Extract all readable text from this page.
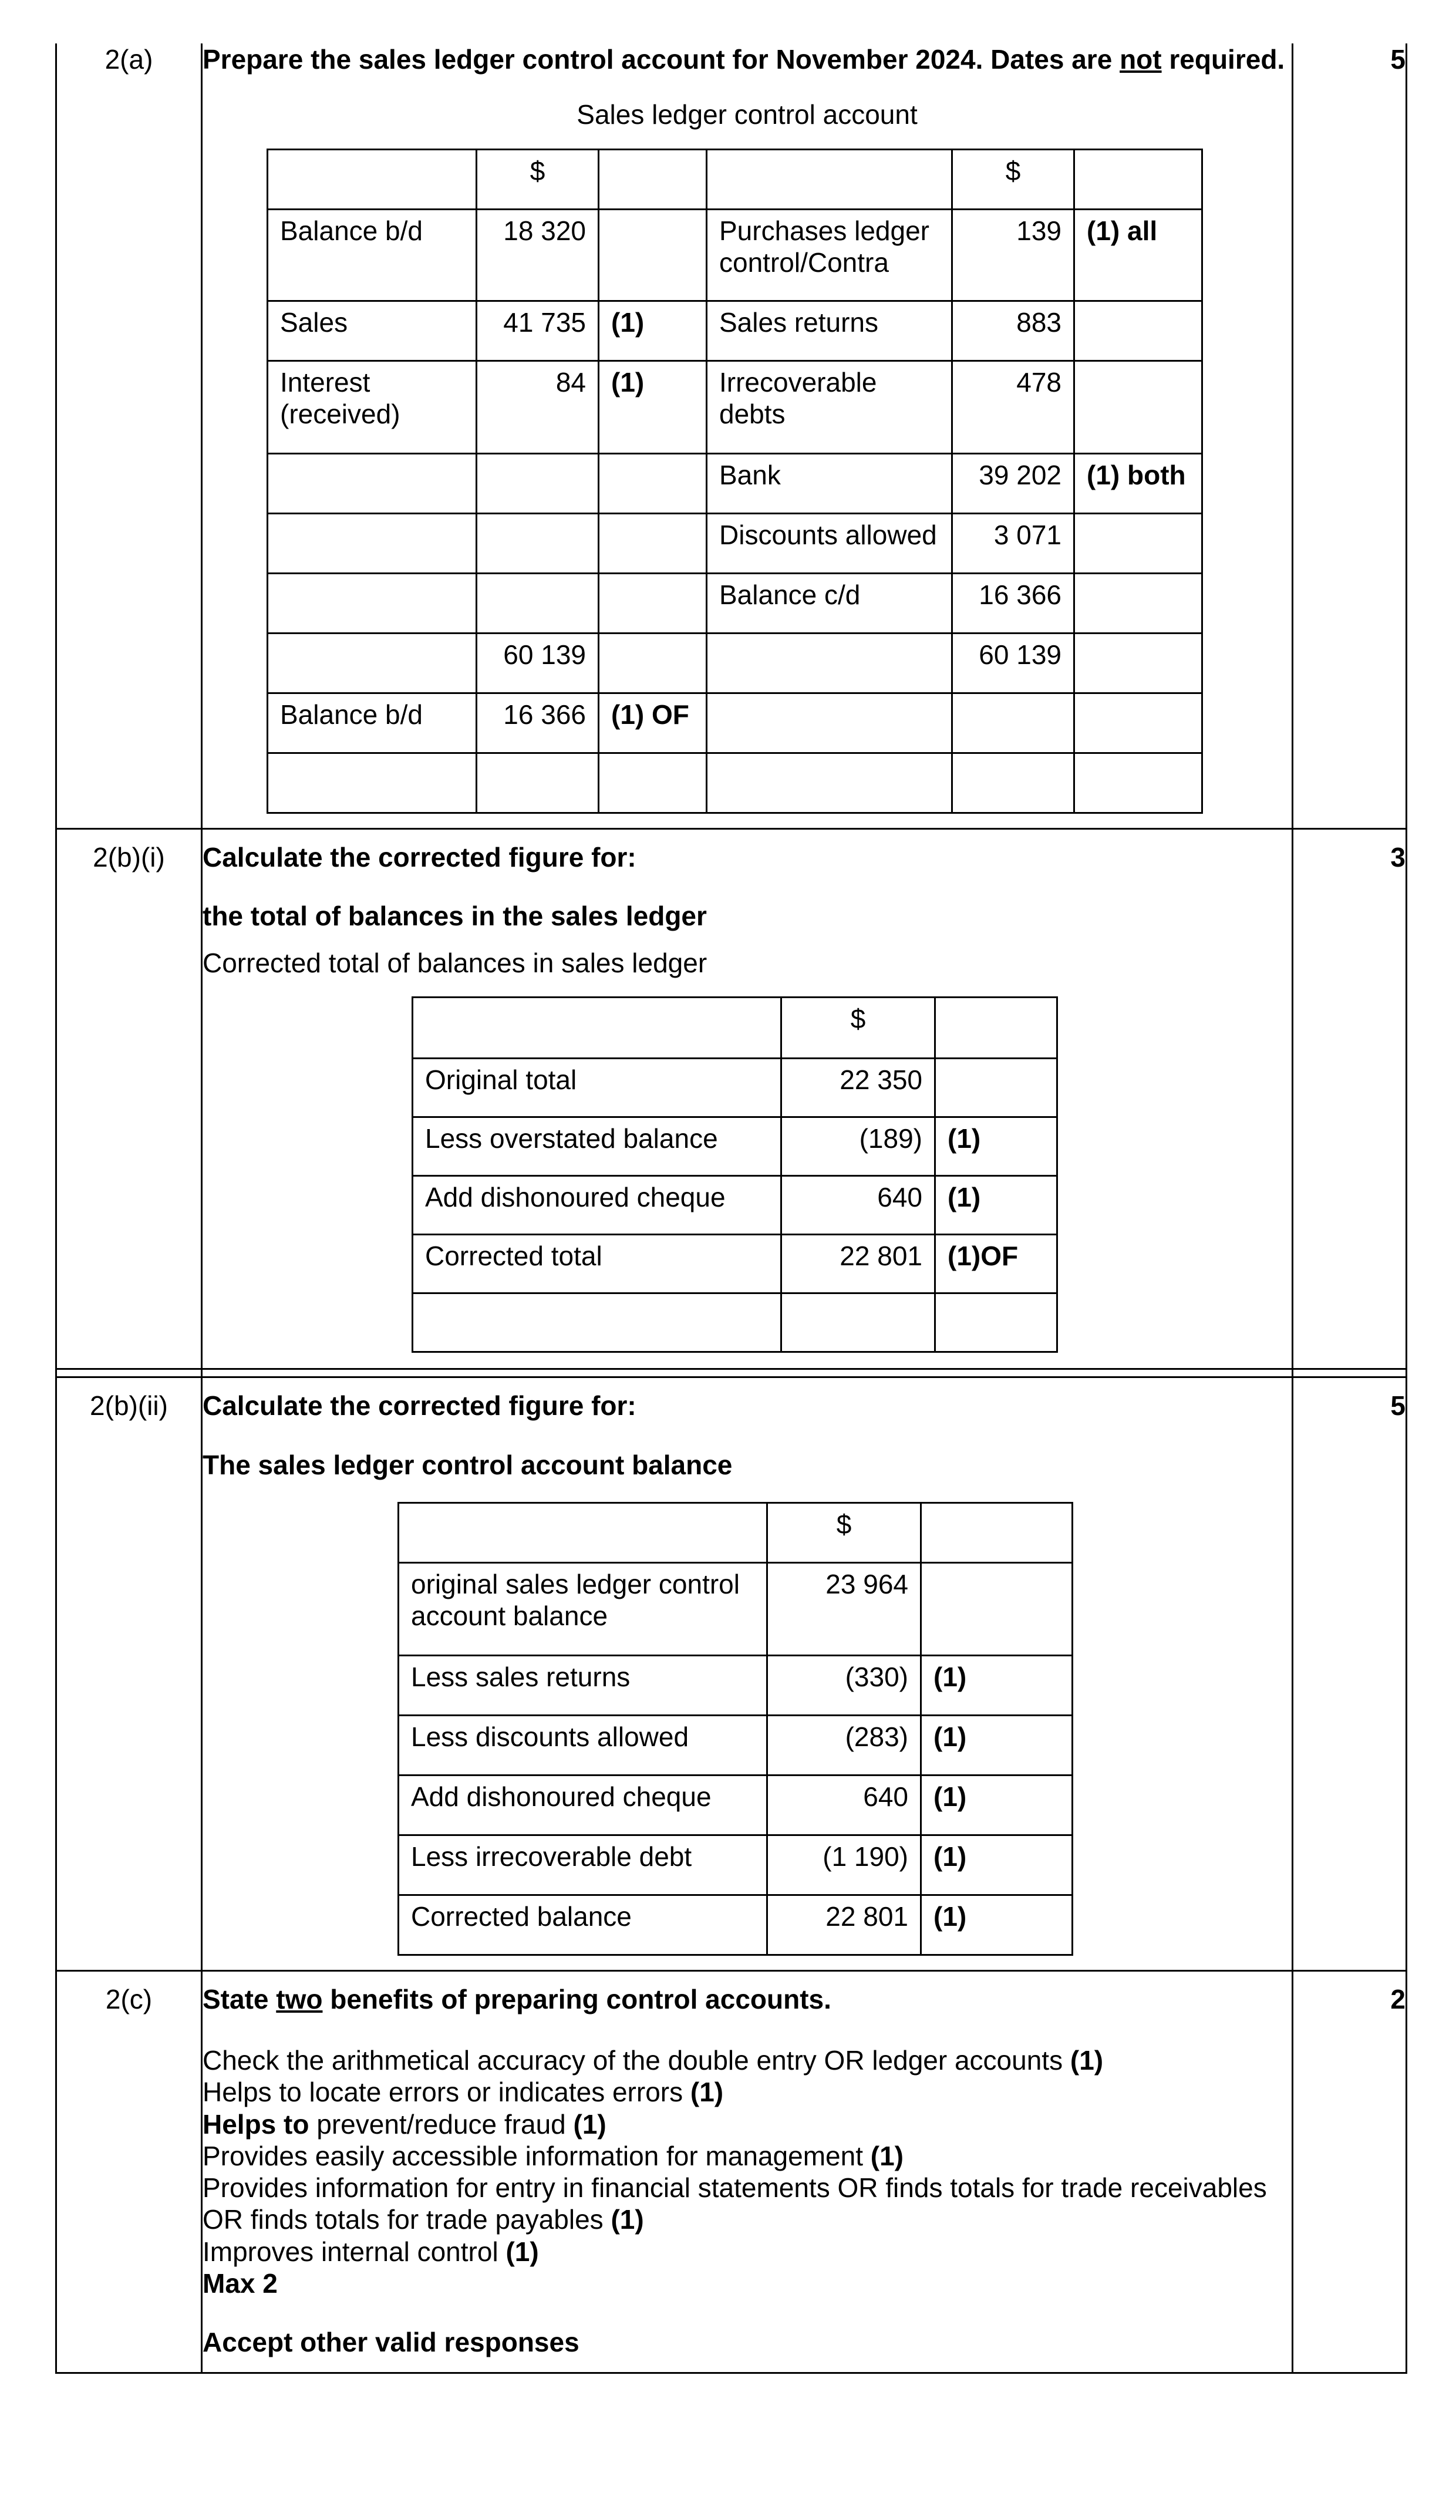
2(a)	Prepare the sales ledger control account for November 2024. Dates are not required.

Sales ledger control account

	$			$	
Balance b/d	18 320		Purchases ledger control/Contra	139	(1) all
Sales	41 735	(1)	Sales returns	883	
Interest (received)	84	(1)	Irrecoverable debts	478	
			Bank	39 202	(1) both
			Discounts allowed	3 071	
			Balance c/d	16 366	
	60 139			60 139	
Balance b/d	16 366	(1) OF			

	5

2(b)(i)	Calculate the corrected figure for:

the total of balances in the sales ledger

Corrected total of balances in sales ledger

	$	
Original total	22 350	
Less overstated balance	(189)	(1)
Add dishonoured cheque	640	(1)
Corrected total	22 801	(1)OF

	3

2(b)(ii)	Calculate the corrected figure for:

The sales ledger control account balance

	$	
original sales ledger control account balance	23 964	
Less sales returns	(330)	(1)
Less discounts allowed	(283)	(1)
Add dishonoured cheque	640	(1)
Less irrecoverable debt	(1 190)	(1)
Corrected balance	22 801	(1)
	5

2(c)	State two benefits of preparing control accounts.

Check the arithmetical accuracy of the double entry OR ledger accounts (1)

Helps to locate errors or indicates errors (1)

Helps to prevent/reduce fraud (1)

Provides easily accessible information for management (1)

Provides information for entry in financial statements OR finds totals for trade receivables OR finds totals for trade payables (1)

Improves internal control (1)

Max 2

Accept other valid responses

	2
